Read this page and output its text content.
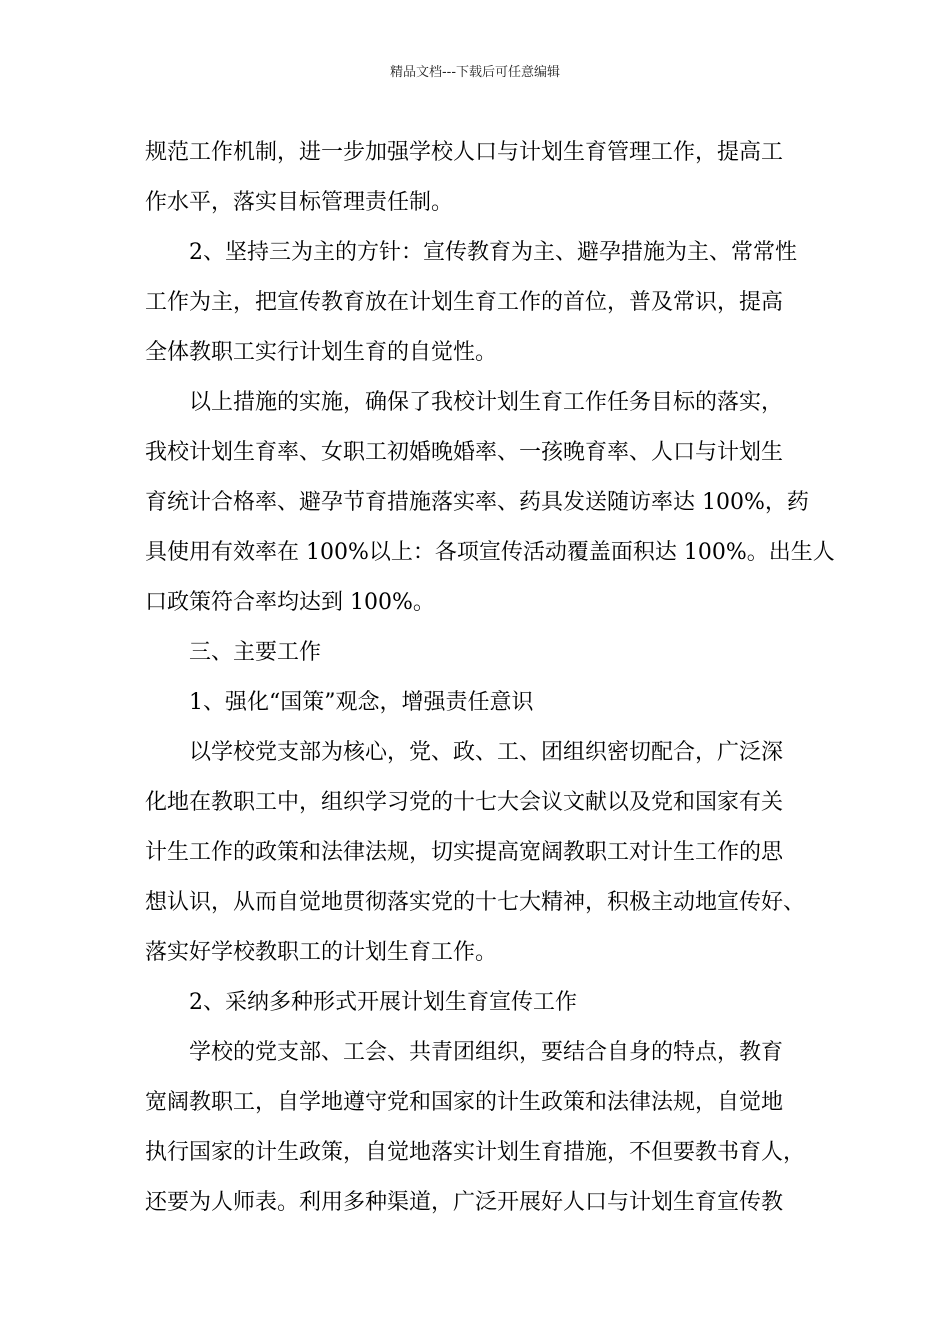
精品文档---下载后可任意编辑
规范工作机制，进一步加强学校人口与计划生育管理工作，提高工
作水平，落实目标管理责任制。
2、坚持三为主的方针：宣传教育为主、避孕措施为主、常常性
工作为主，把宣传教育放在计划生育工作的首位，普及常识，提高
全体教职工实行计划生育的自觉性。
以上措施的实施，确保了我校计划生育工作任务目标的落实，
我校计划生育率、女职工初婚晚婚率、一孩晚育率、人口与计划生
育统计合格率、避孕节育措施落实率、药具发送随访率达 100%，药
具使用有效率在 100%以上：各项宣传活动覆盖面积达 100%。出生人
口政策符合率均达到 100%。
三、主要工作
1、强化“国策”观念，增强责任意识
以学校党支部为核心，党、政、工、团组织密切配合，广泛深
化地在教职工中，组织学习党的十七大会议文献以及党和国家有关
计生工作的政策和法律法规，切实提高宽阔教职工对计生工作的思
想认识，从而自觉地贯彻落实党的十七大精神，积极主动地宣传好、
落实好学校教职工的计划生育工作。
2、采纳多种形式开展计划生育宣传工作
学校的党支部、工会、共青团组织，要结合自身的特点，教育
宽阔教职工，自学地遵守党和国家的计生政策和法律法规，自觉地
执行国家的计生政策，自觉地落实计划生育措施，不但要教书育人，
还要为人师表。利用多种渠道，广泛开展好人口与计划生育宣传教
